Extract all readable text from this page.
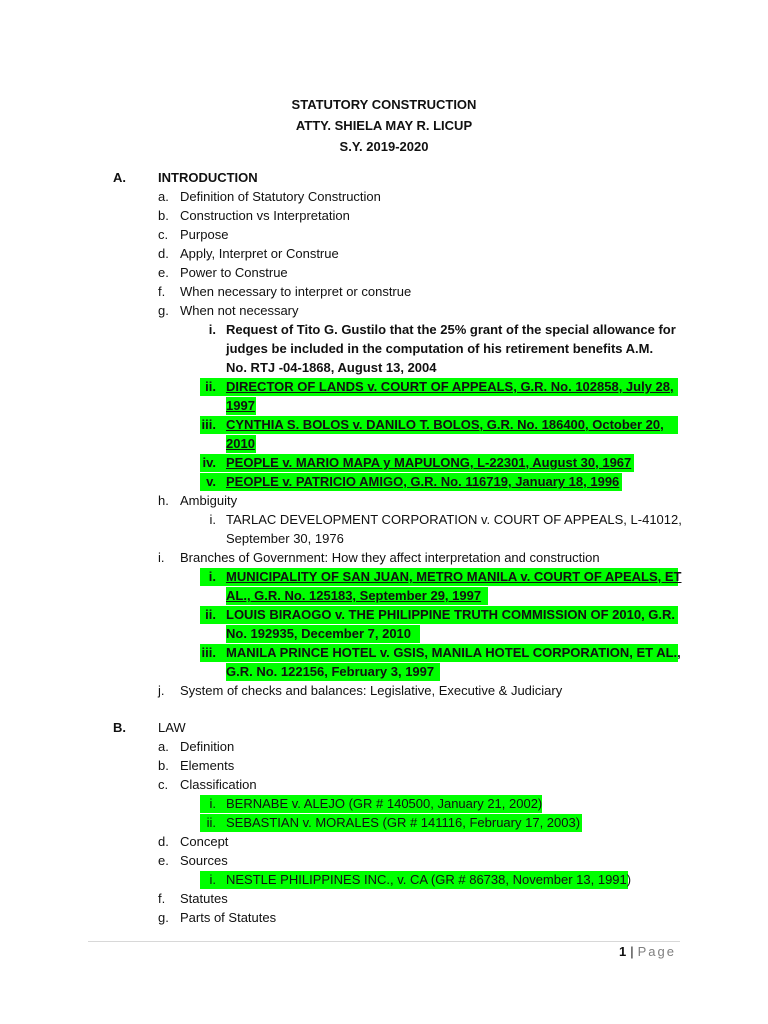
STATUTORY CONSTRUCTION
ATTY. SHIELA MAY R. LICUP
S.Y. 2019-2020
A. INTRODUCTION
a. Definition of Statutory Construction
b. Construction vs Interpretation
c. Purpose
d. Apply, Interpret or Construe
e. Power to Construe
f. When necessary to interpret or construe
g. When not necessary
i. Request of Tito G. Gustilo that the 25% grant of the special allowance for
judges be included in the computation of his retirement benefits A.M.
No. RTJ -04-1868, August 13, 2004
ii. DIRECTOR OF LANDS v. COURT OF APPEALS, G.R. No. 102858, July 28,
1997
iii. CYNTHIA S. BOLOS v. DANILO T. BOLOS, G.R. No. 186400, October 20,
2010
iv. PEOPLE v. MARIO MAPA y MAPULONG, L-22301, August 30, 1967
v. PEOPLE v. PATRICIO AMIGO, G.R. No. 116719, January 18, 1996
h. Ambiguity
i. TARLAC DEVELOPMENT CORPORATION v. COURT OF APPEALS, L-41012,
September 30, 1976
i. Branches of Government: How they affect interpretation and construction
i. MUNICIPALITY OF SAN JUAN, METRO MANILA v. COURT OF APEALS, ET
AL., G.R. No. 125183, September 29, 1997
ii. LOUIS BIRAOGO v. THE PHILIPPINE TRUTH COMMISSION OF 2010, G.R.
No. 192935, December 7, 2010
iii. MANILA PRINCE HOTEL v. GSIS, MANILA HOTEL CORPORATION, ET AL.,
G.R. No. 122156, February 3, 1997
j. System of checks and balances: Legislative, Executive & Judiciary
B. LAW
a. Definition
b. Elements
c. Classification
i. BERNABE v. ALEJO (GR # 140500, January 21, 2002)
ii. SEBASTIAN v. MORALES (GR # 141116, February 17, 2003)
d. Concept
e. Sources
i. NESTLE PHILIPPINES INC., v. CA (GR # 86738, November 13, 1991)
f. Statutes
g. Parts of Statutes
1 | Page
